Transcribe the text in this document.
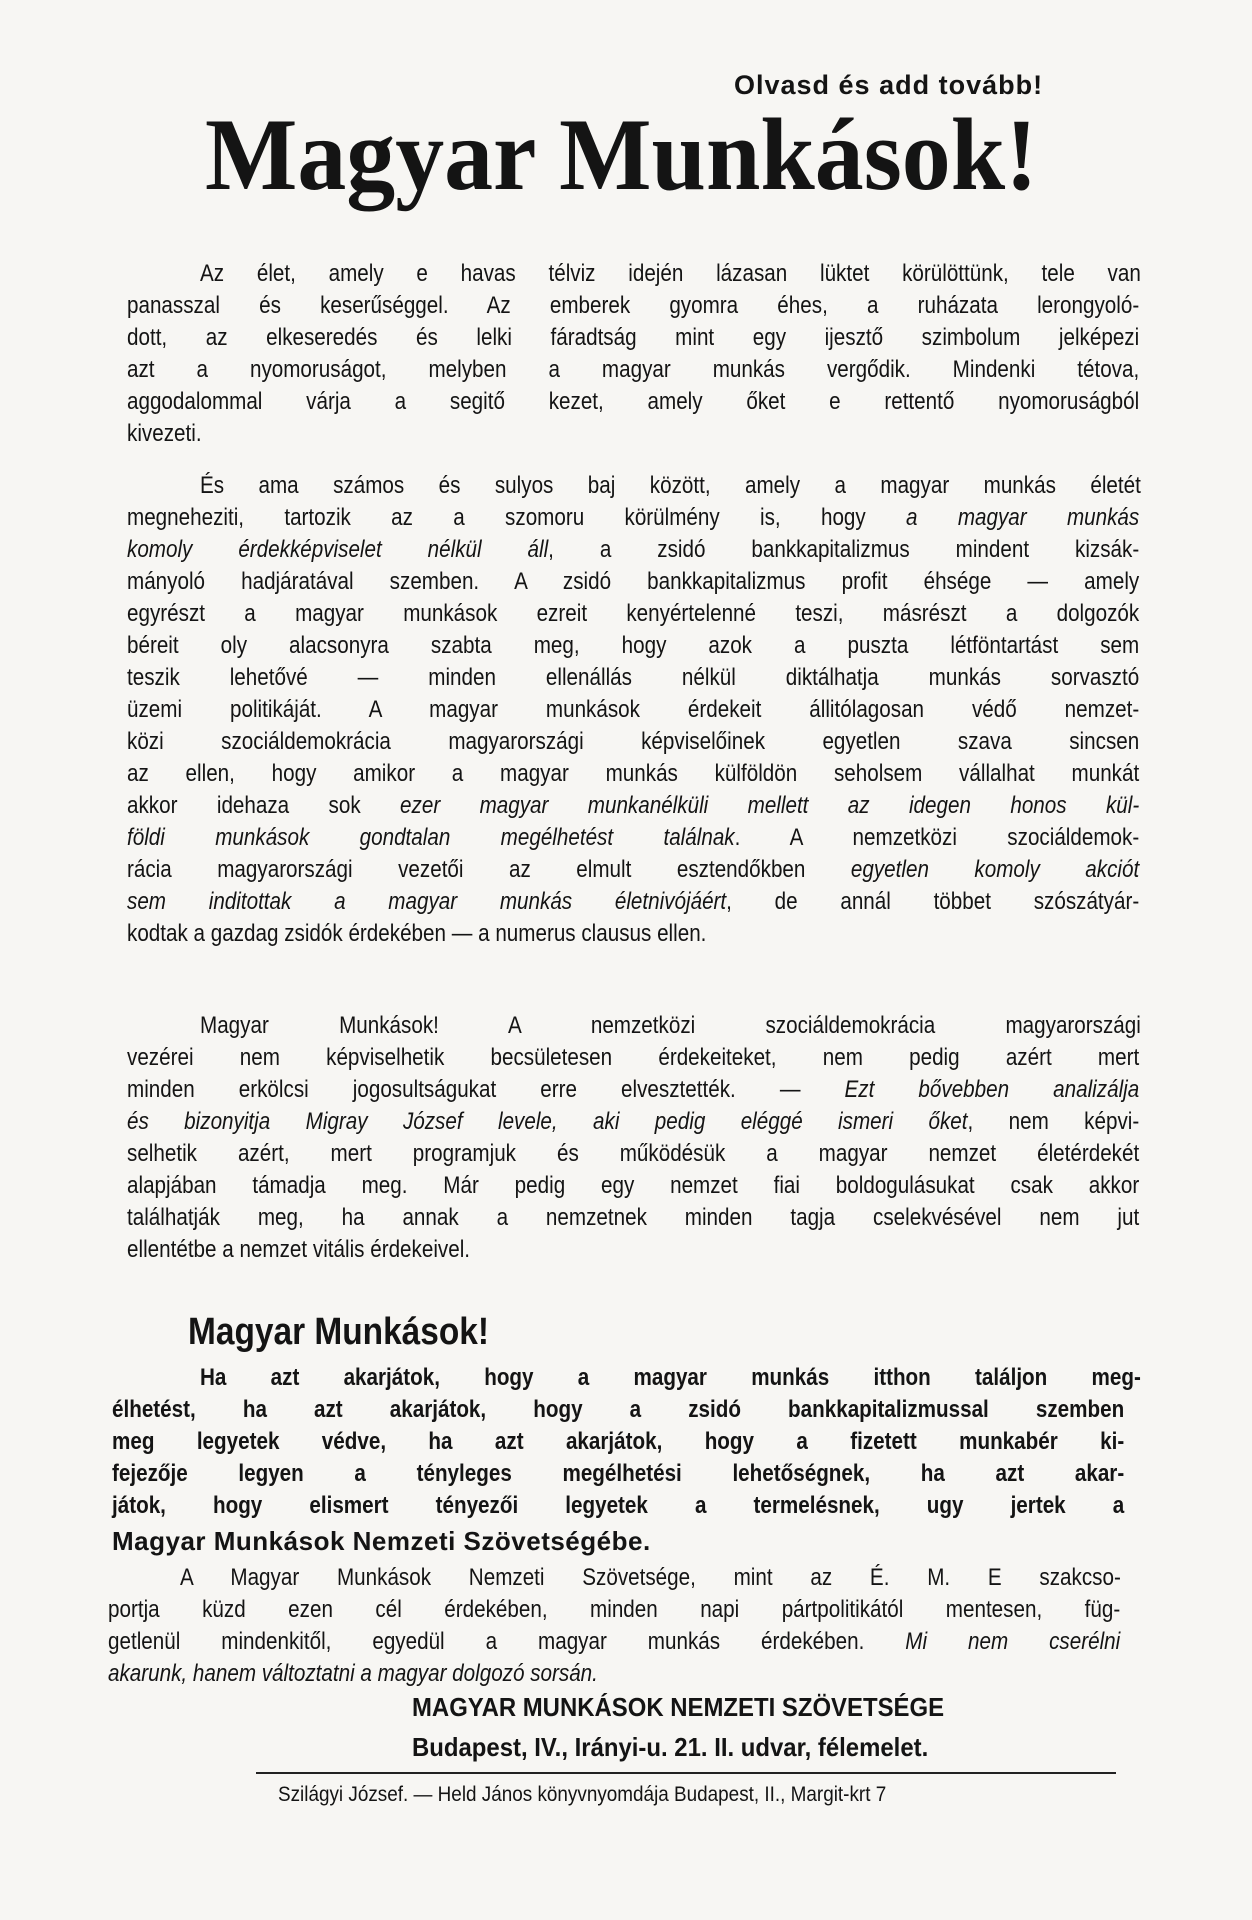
Olvasd és add tovább!
Magyar Munkások!
Az élet, amely e havas télviz idején lázasan lüktet körülöttünk, tele van
panasszal és keserűséggel. Az emberek gyomra éhes, a ruházata lerongyoló-
dott, az elkeseredés és lelki fáradtság mint egy ijesztő szimbolum jelképezi
azt a nyomoruságot, melyben a magyar munkás vergődik. Mindenki tétova,
aggodalommal várja a segitő kezet, amely őket e rettentő nyomoruságból
kivezeti.
És ama számos és sulyos baj között, amely a magyar munkás életét
megneheziti, tartozik az a szomoru körülmény is, hogy a magyar munkás
komoly érdekképviselet nélkül áll, a zsidó bankkapitalizmus mindent kizsák-
mányoló hadjáratával szemben. A zsidó bankkapitalizmus profit éhsége — amely
egyrészt a magyar munkások ezreit kenyértelenné teszi, másrészt a dolgozók
béreit oly alacsonyra szabta meg, hogy azok a puszta létföntartást sem
teszik lehetővé — minden ellenállás nélkül diktálhatja munkás sorvasztó
üzemi politikáját. A magyar munkások érdekeit állitólagosan védő nemzet-
közi szociáldemokrácia magyarországi képviselőinek egyetlen szava sincsen
az ellen, hogy amikor a magyar munkás külföldön seholsem vállalhat munkát
akkor idehaza sok ezer magyar munkanélküli mellett az idegen honos kül-
földi munkások gondtalan megélhetést találnak. A nemzetközi szociáldemok-
rácia magyarországi vezetői az elmult esztendőkben egyetlen komoly akciót
sem inditottak a magyar munkás életnivójáért, de annál többet szószátyár-
kodtak a gazdag zsidók érdekében — a numerus clausus ellen.
Magyar Munkások! A nemzetközi szociáldemokrácia magyarországi
vezérei nem képviselhetik becsületesen érdekeiteket, nem pedig azért mert
minden erkölcsi jogosultságukat erre elvesztették. — Ezt bővebben analizálja
és bizonyitja Migray József levele, aki pedig eléggé ismeri őket, nem képvi-
selhetik azért, mert programjuk és működésük a magyar nemzet életérdekét
alapjában támadja meg. Már pedig egy nemzet fiai boldogulásukat csak akkor
találhatják meg, ha annak a nemzetnek minden tagja cselekvésével nem jut
ellentétbe a nemzet vitális érdekeivel.
Magyar Munkások!
Ha azt akarjátok, hogy a magyar munkás itthon találjon meg-
élhetést, ha azt akarjátok, hogy a zsidó bankkapitalizmussal szemben
meg legyetek védve, ha azt akarjátok, hogy a fizetett munkabér ki-
fejezője legyen a tényleges megélhetési lehetőségnek, ha azt akar-
játok, hogy elismert tényezői legyetek a termelésnek, ugy jertek a
Magyar Munkások Nemzeti Szövetségébe.
A Magyar Munkások Nemzeti Szövetsége, mint az É. M. E szakcso-
portja küzd ezen cél érdekében, minden napi pártpolitikától mentesen, füg-
getlenül mindenkitől, egyedül a magyar munkás érdekében. Mi nem cserélni
akarunk, hanem változtatni a magyar dolgozó sorsán.
MAGYAR MUNKÁSOK NEMZETI SZÖVETSÉGE
Budapest, IV., Irányi-u. 21. II. udvar, félemelet.
Szilágyi József. — Held János könyvnyomdája Budapest, II., Margit-krt 7
